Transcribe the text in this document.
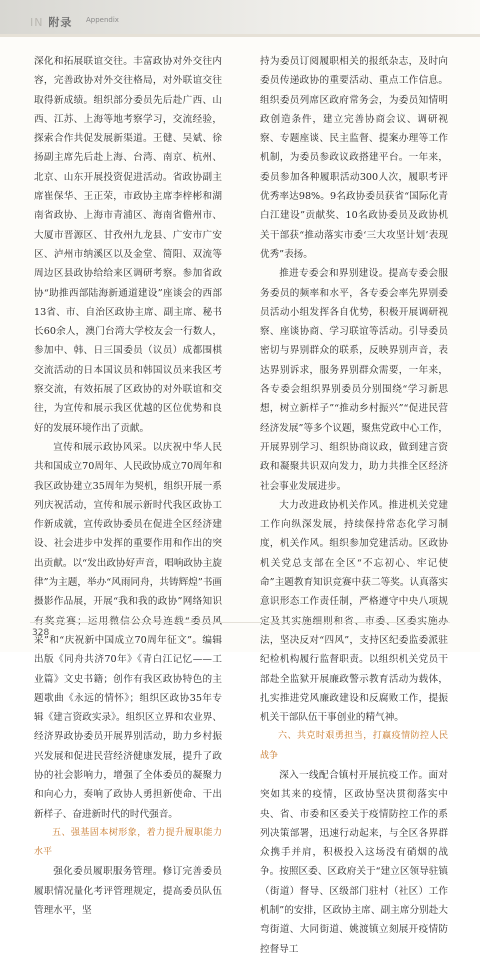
IN 附录 Appendix

深化和拓展联谊交往。丰富政协对外交往内容，完善政协对外交往格局，对外联谊交往取得新成绩。组织部分委员先后赴广西、山西、江苏、上海等地考察学习，交流经验，探索合作共促发展新渠道。王健、吴斌、徐扬副主席先后赴上海、台湾、南京、杭州、北京、山东开展投资促进活动。省政协副主席崔保华、王正荣，市政协主席李梓彬和湖南省政协、上海市青浦区、海南省儋州市、大厦市晋源区、甘孜州九龙县、广安市广安区、泸州市纳溪区以及金堂、简阳、双流等周边区县政协给给来区调研考察。参加省政协“助推西部陆海新通道建设”座谈会的西部13省、市、自治区政协主席、副主席、秘书长60余人，澳门台湾大学校友会一行数人，参加中、韩、日三国委员（议员）成都围棋交流活动的日本国议员和韩国议员来我区考察交流，有效拓展了区政协的对外联谊和交往，为宣传和展示我区优越的区位优势和良好的发展环境作出了贡献。

宣传和展示政协风采。以庆祝中华人民共和国成立70周年、人民政协成立70周年和我区政协建立35周年为契机，组织开展一系列庆祝活动，宣传和展示新时代我区政协工作新成就，宣传政协委员在促进全区经济建设、社会进步中发挥的重要作用和作出的突出贡献。以“发出政协好声音，唱响政协主旋律”为主题，举办“风雨同舟，共铸辉煌”书画摄影作品展，开展“我和我的政协”网络知识 采”和“庆祝新中国成立70周年征文”。编辑出版《同舟共济70年》《青白江记忆——工业篇》文史书籍；创作有我区政协特色的主题歌曲《永远的情怀》；组织区政协35年专辑《建言资政实录》。组织区立界和农业界、经济界政协委员开展界别活动，助力乡村振兴发展和促进民营经济健康发展，提升了政协的社会影响力，增强了全体委员的凝聚力和向心力，奏响了政协人勇担新使命、干出新样子、奋进新时代的时代强音。

五、强基固本树形象，着力提升履职能力水平

强化委员履职服务管理。修订完善委员履职情况量化考评管理规定，提高委员队伍管理水平，坚

持为委员订阅履职相关的报纸杂志，及时向委员传递政协的重要活动、重点工作信息。组织委员列席区政府常务会，为委员知情明政创造条件，建立完善协商会议、调研视察、专题座谈、民主监督、提案办理等工作机制，为委员参政议政搭建平台。一年来，委员参加各种履职活动300人次，履职考评优秀率达98%。9名政协委员获省“国际化青白江建设”贡献奖、10名政协委员及政协机关干部获“推动落实市委‘三大攻坚计划’表现优秀”表扬。

推进专委会和界别建设。提高专委会服务委员的频率和水平，各专委会率先界别委员活动小组发挥各自优势，积极开展调研视察、座谈协商、学习联谊等活动。引导委员密切与界别群众的联系，反映界别声音，表达界别诉求，服务界别群众需要，一年来，各专委会组织界别委员分别围绕“学习新思想，树立新样子”“推动乡村振兴”“促进民营经济发展”等多个议题，聚焦党政中心工作，开展界别学习、组织协商议政，做到建言资政和凝聚共识双向发力，助力共推全区经济社会事业发展进步。

大力改进政协机关作风。推进机关党建工作向纵深发展，持续保持常态化学习制度，机关作风。组织参加党建活动。区政协机关党总支部在全区“不忘初心、牢记使命”主题教育知识竞赛中获二等奖。认真落实意识形态工作责任制，严格遵守中央八项规 法，坚决反对“四风”，支持区纪委监委派驻纪检机构履行监督职责。以组织机关党员干部赴全监狱开展廉政警示教育活动为载体，扎实推进党风廉政建设和反腐败工作，提振机关干部队伍干事创业的精气神。

六、共克时艰勇担当，打赢疫情防控人民战争

深入一线配合镇村开展抗疫工作。面对突如其来的疫情，区政协坚决贯彻落实中央、省、市委和区委关于疫情防控工作的系列决策部署，迅速行动起来，与全区各界群众携手并肩，积极投入这场没有硝烟的战争。按照区委、区政府关于“建立区领导驻镇（街道）督导、区级部门驻村（社区）工作机制”的安排，区政协主席、副主席分别赴大弯街道、大同街道、姚渡镇立刻展开疫情防控督导工

328
